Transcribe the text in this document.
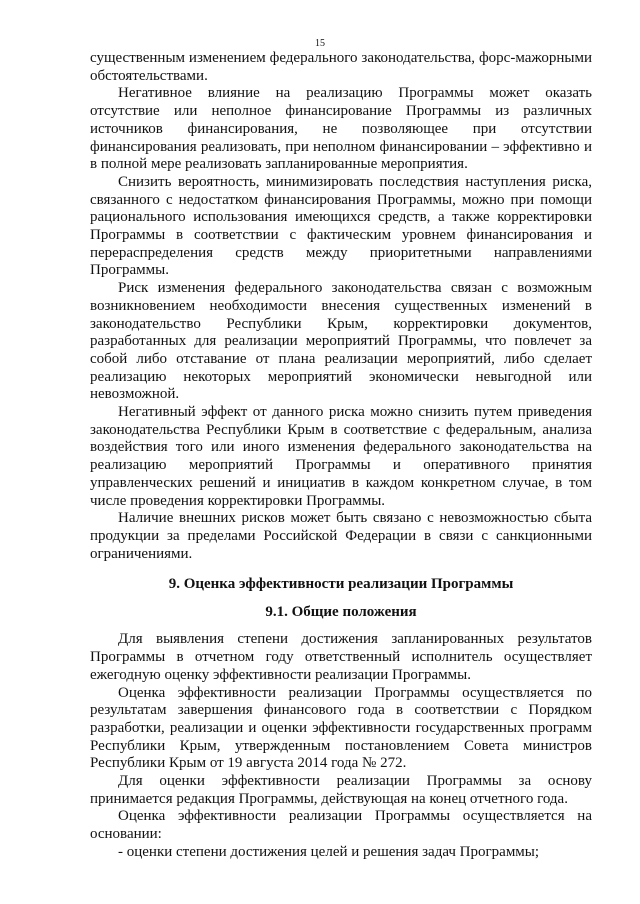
15

существенным изменением федерального законодательства, форс-мажорными обстоятельствами.

Негативное влияние на реализацию Программы может оказать отсутствие или неполное финансирование Программы из различных источников финансирования, не позволяющее при отсутствии финансирования реализовать, при неполном финансировании – эффективно и в полной мере реализовать запланированные мероприятия.

Снизить вероятность, минимизировать последствия наступления риска, связанного с недостатком финансирования Программы, можно при помощи рационального использования имеющихся средств, а также корректировки Программы в соответствии с фактическим уровнем финансирования и перераспределения средств между приоритетными направлениями Программы.

Риск изменения федерального законодательства связан с возможным возникновением необходимости внесения существенных изменений в законодательство Республики Крым, корректировки документов, разработанных для реализации мероприятий Программы, что повлечет за собой либо отставание от плана реализации мероприятий, либо сделает реализацию некоторых мероприятий экономически невыгодной или невозможной.

Негативный эффект от данного риска можно снизить путем приведения законодательства Республики Крым в соответствие с федеральным, анализа воздействия того или иного изменения федерального законодательства на реализацию мероприятий Программы и оперативного принятия управленческих решений и инициатив в каждом конкретном случае, в том числе проведения корректировки Программы.

Наличие внешних рисков может быть связано с невозможностью сбыта продукции за пределами Российской Федерации в связи с санкционными ограничениями.

9. Оценка эффективности реализации Программы
9.1. Общие положения

Для выявления степени достижения запланированных результатов Программы в отчетном году ответственный исполнитель осуществляет ежегодную оценку эффективности реализации Программы.

Оценка эффективности реализации Программы осуществляется по результатам завершения финансового года в соответствии с Порядком разработки, реализации и оценки эффективности государственных программ Республики Крым, утвержденным постановлением Совета министров Республики Крым от 19 августа 2014 года № 272.

Для оценки эффективности реализации Программы за основу принимается редакция Программы, действующая на конец отчетного года.

Оценка эффективности реализации Программы осуществляется на основании:

- оценки степени достижения целей и решения задач Программы;
